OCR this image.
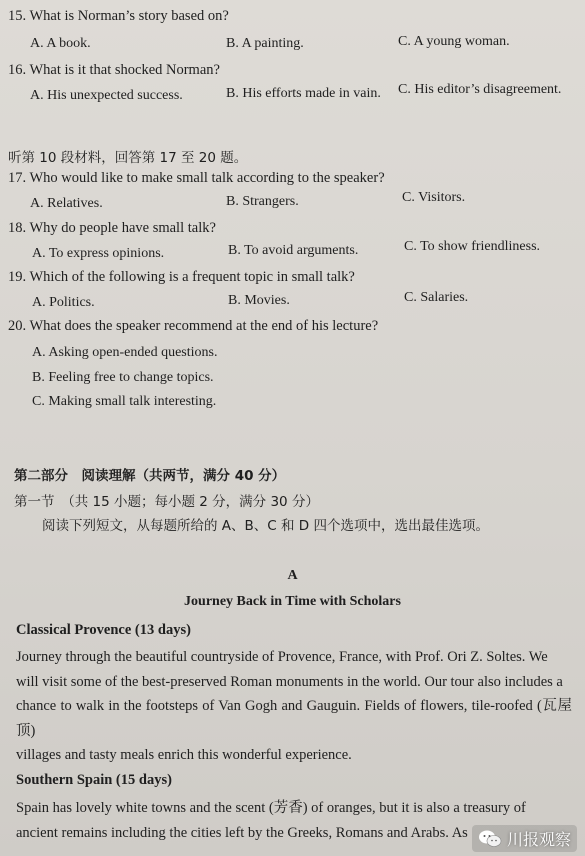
15. What is Norman’s story based on?
A. A book.	B. A painting.	C. A young woman.
16. What is it that shocked Norman?
A. His unexpected success.	B. His efforts made in vain. C. His editor’s disagreement.
听第 10 段材料，回答第 17 至 20 题。
17. Who would like to make small talk according to the speaker?
A. Relatives.	B. Strangers.	C. Visitors.
18. Why do people have small talk?
A. To express opinions.	B. To avoid arguments.	C. To show friendliness.
19. Which of the following is a frequent topic in small talk?
A. Politics.	B. Movies.	C. Salaries.
20. What does the speaker recommend at the end of his lecture?
A. Asking open-ended questions.
B. Feeling free to change topics.
C. Making small talk interesting.
第二部分　阅读理解（共两节，满分 40 分）
第一节　（共 15 小题；每小题 2 分，满分 30 分）
阅读下列短文，从每题所给的 A、B、C 和 D 四个选项中，选出最佳选项。
A
Journey Back in Time with Scholars
Classical Provence (13 days)
Journey through the beautiful countryside of Provence, France, with Prof. Ori Z. Soltes. We
will visit some of the best-preserved Roman monuments in the world. Our tour also includes a
chance to walk in the footsteps of Van Gogh and Gauguin. Fields of flowers, tile-roofed (瓦屋顶)
villages and tasty meals enrich this wonderful experience.
Southern Spain (15 days)
Spain has lovely white towns and the scent (芳香) of oranges, but it is also a treasury of
ancient remains including the cities left by the Greeks, Romans and Arabs. As	川报观察
